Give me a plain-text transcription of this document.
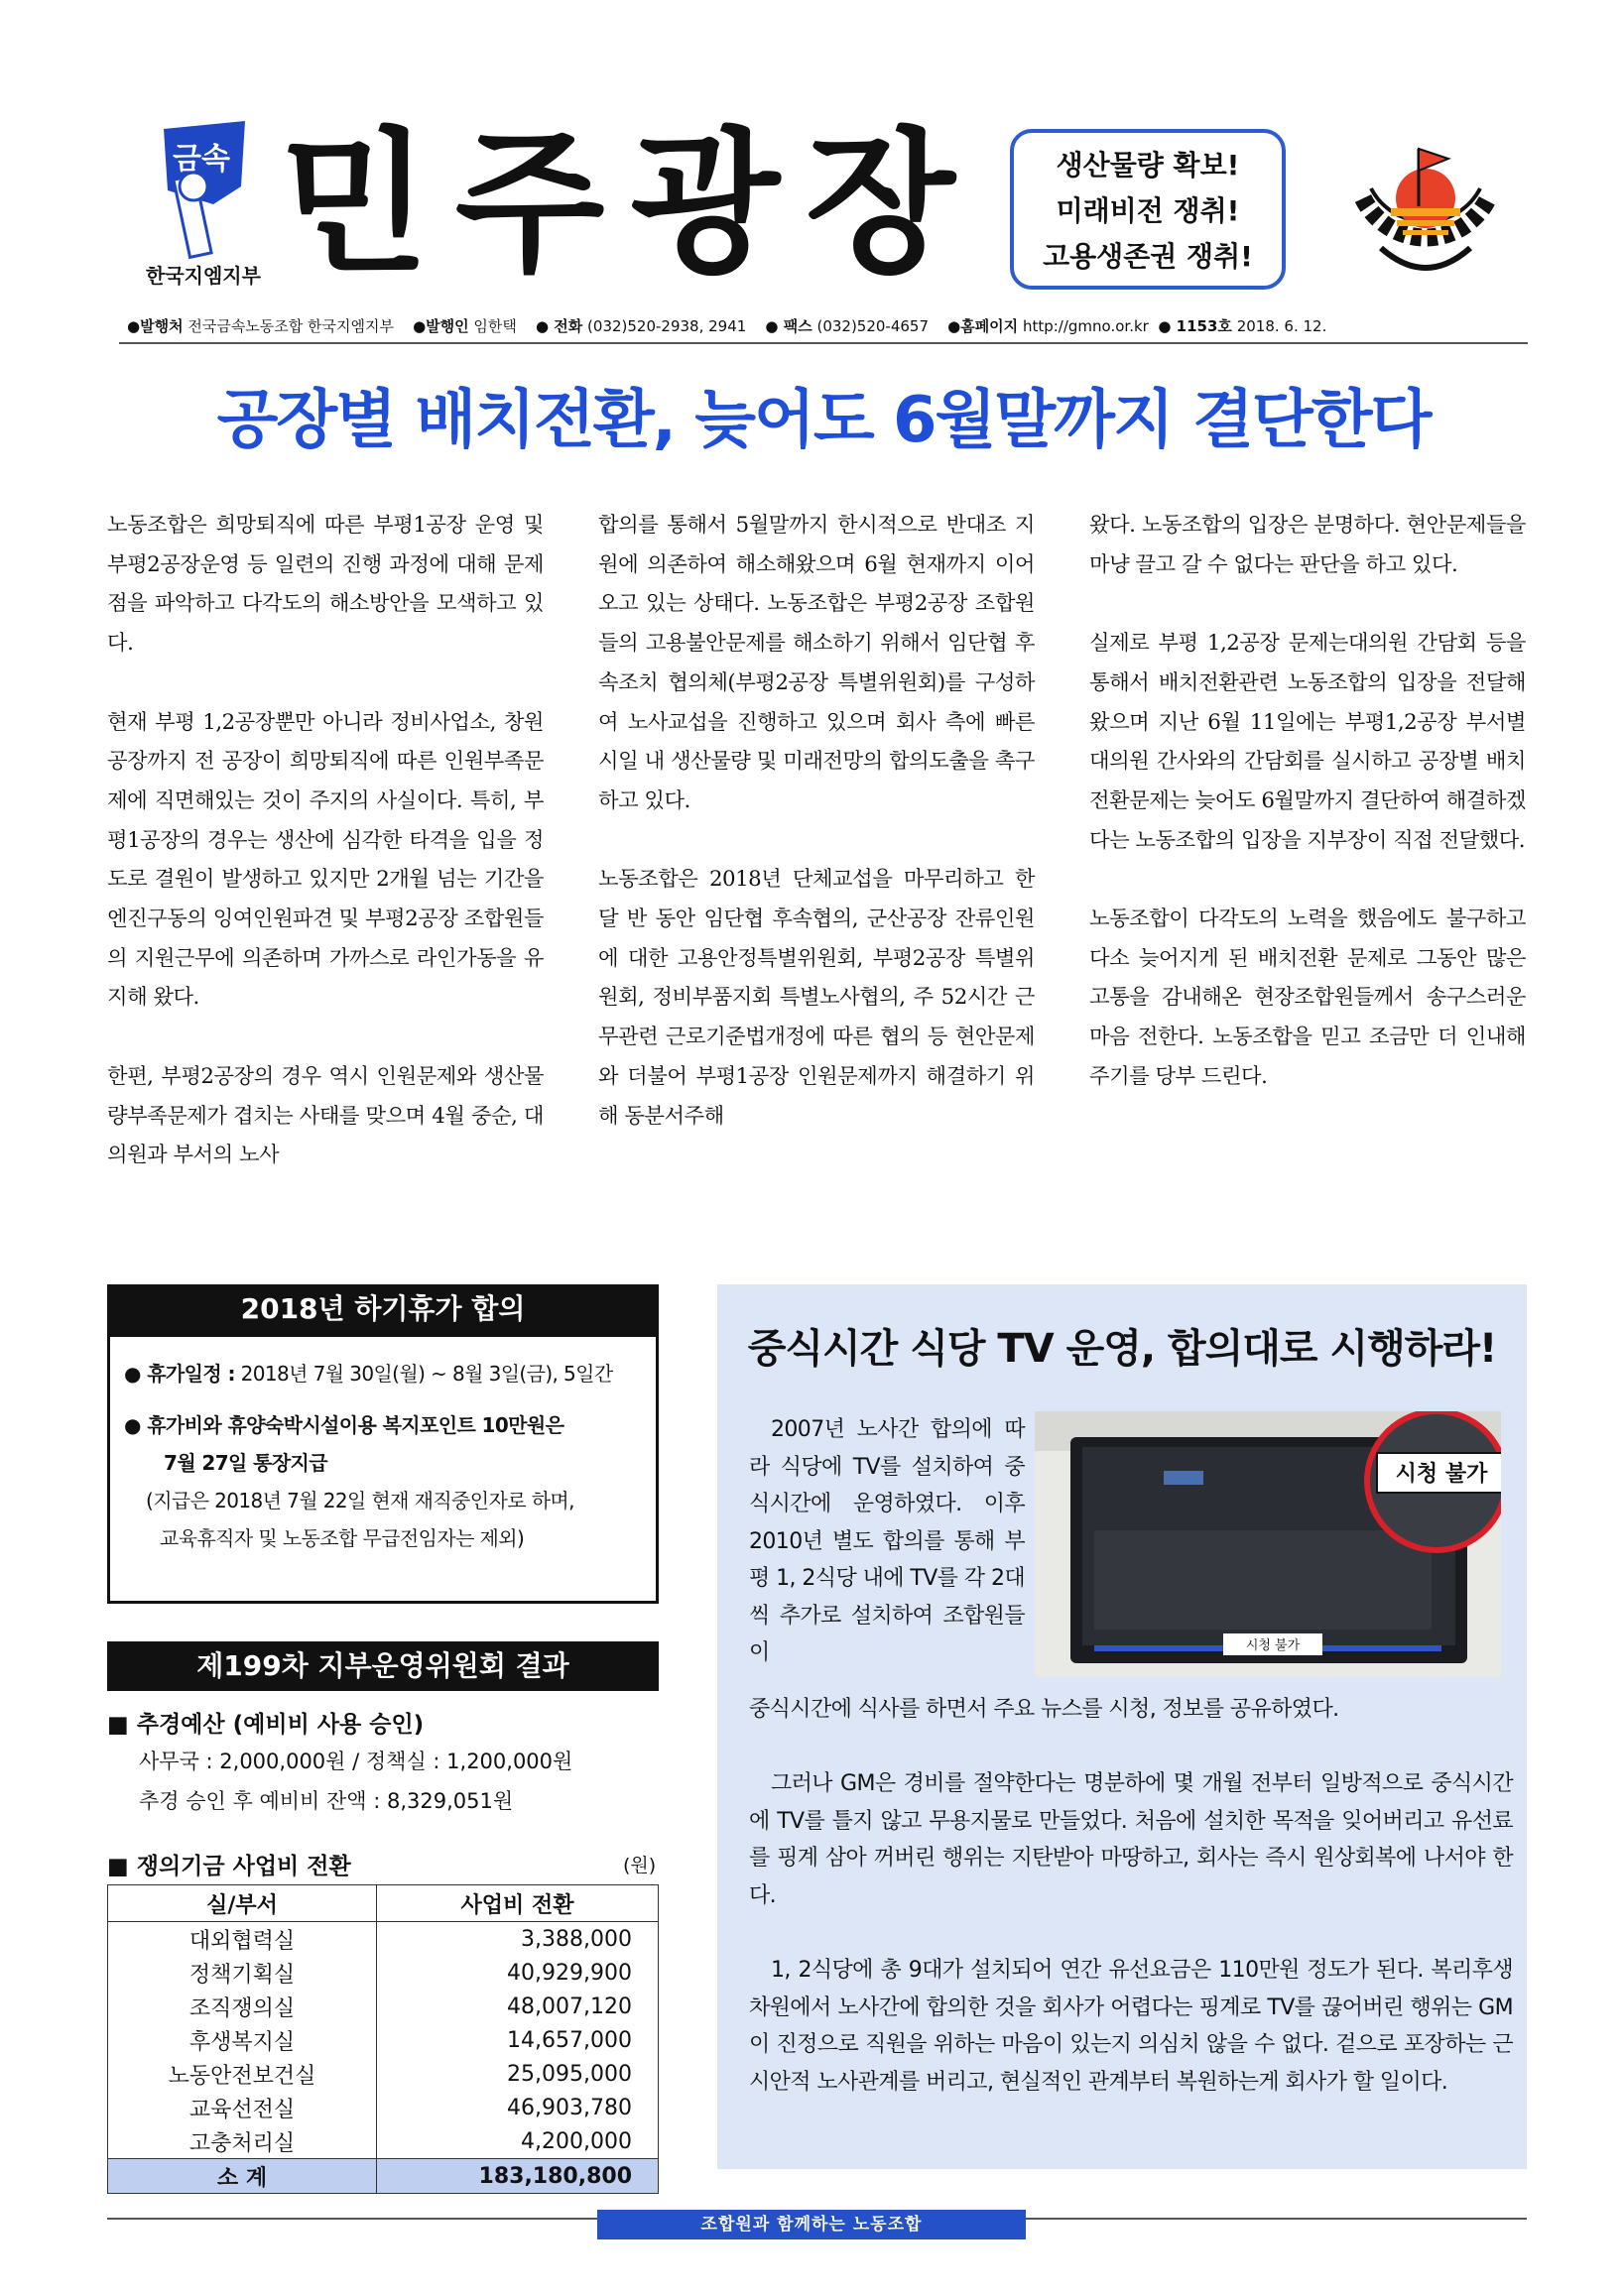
금속
한국지엠지부 민주광장	생산물량 확보!
미래비전 쟁취!
고용생존권 쟁취!
●발행처 전국금속노동조합 한국지엠지부 ●발행인 임한택 ● 전화 (032)520-2938, 2941 ● 팩스 (032)520-4657 ●홈페이지 http://gmno.or.kr ● 1153호 2018. 6. 12.
공장별 배치전환, 늦어도 6월말까지 결단한다

노동조합은 희망퇴직에 따른 부평1공장 운영 및 부평2공장운영 등 일련의 진행 과정에 대해 문제점을 파악하고 다각도의 해소방안을 모색하고 있다.

현재 부평 1,2공장뿐만 아니라 정비사업소, 창원공장까지 전 공장이 희망퇴직에 따른 인원부족문제에 직면해있는 것이 주지의 사실이다. 특히, 부평1공장의 경우는 생산에 심각한 타격을 입을 정도로 결원이 발생하고 있지만 2개월 넘는 기간을 엔진구동의 잉여인원파견 및 부평2공장 조합원들의 지원근무에 의존하며 가까스로 라인가동을 유지해 왔다.

한편, 부평2공장의 경우 역시 인원문제와 생산물량부족문제가 겹치는 사태를 맞으며 4월 중순, 대의원과 부서의 노사

합의를 통해서 5월말까지 한시적으로 반대조 지원에 의존하여 해소해왔으며 6월 현재까지 이어오고 있는 상태다. 노동조합은 부평2공장 조합원들의 고용불안문제를 해소하기 위해서 임단협 후속조치 협의체(부평2공장 특별위원회)를 구성하여 노사교섭을 진행하고 있으며 회사 측에 빠른 시일 내 생산물량 및 미래전망의 합의도출을 촉구하고 있다.

노동조합은 2018년 단체교섭을 마무리하고 한 달 반 동안 임단협 후속협의, 군산공장 잔류인원에 대한 고용안정특별위원회, 부평2공장 특별위원회, 정비부품지회 특별노사협의, 주 52시간 근무관련 근로기준법개정에 따른 협의 등 현안문제와 더불어 부평1공장 인원문제까지 해결하기 위해 동분서주해

왔다. 노동조합의 입장은 분명하다. 현안문제들을 마냥 끌고 갈 수 없다는 판단을 하고 있다.

실제로 부평 1,2공장 문제는대의원 간담회 등을 통해서 배치전환관련 노동조합의 입장을 전달해왔으며 지난 6월 11일에는 부평1,2공장 부서별 대의원 간사와의 간담회를 실시하고 공장별 배치전환문제는 늦어도 6월말까지 결단하여 해결하겠다는 노동조합의 입장을 지부장이 직접 전달했다.

노동조합이 다각도의 노력을 했음에도 불구하고 다소 늦어지게 된 배치전환 문제로 그동안 많은 고통을 감내해온 현장조합원들께서 송구스러운 마음 전한다. 노동조합을 믿고 조금만 더 인내해 주기를 당부 드린다.

2018년 하기휴가 합의
● 휴가일정 : 2018년 7월 30일(월) ~ 8월 3일(금), 5일간
● 휴가비와 휴양숙박시설이용 복지포인트 10만원은
7월 27일 통장지급
(지급은 2018년 7월 22일 현재 재직중인자로 하며,
교육휴직자 및 노동조합 무급전임자는 제외)
제199차 지부운영위원회 결과
■ 추경예산 (예비비 사용 승인)
사무국 : 2,000,000원 / 정책실 : 1,200,000원
추경 승인 후 예비비 잔액 : 8,329,051원
■ 쟁의기금 사업비 전환	(원)
실/부서	사업비 전환
대외협력실	3,388,000
정책기획실	40,929,900
조직쟁의실	48,007,120
후생복지실	14,657,000
노동안전보건실	25,095,000
교육선전실	46,903,780
고충처리실	4,200,000
소 계	183,180,800
중식시간 식당 TV 운영, 합의대로 시행하라!
시청 불가
시청 불가

2007년 노사간 합의에 따라 식당에 TV를 설치하여 중식시간에 운영하였다. 이후 2010년 별도 합의를 통해 부평 1, 2식당 내에 TV를 각 2대씩 추가로 설치하여 조합원들이

중식시간에 식사를 하면서 주요 뉴스를 시청, 정보를 공유하였다.

그러나 GM은 경비를 절약한다는 명분하에 몇 개월 전부터 일방적으로 중식시간에 TV를 틀지 않고 무용지물로 만들었다. 처음에 설치한 목적을 잊어버리고 유선료를 핑계 삼아 꺼버린 행위는 지탄받아 마땅하고, 회사는 즉시 원상회복에 나서야 한다.

1, 2식당에 총 9대가 설치되어 연간 유선요금은 110만원 정도가 된다. 복리후생차원에서 노사간에 합의한 것을 회사가 어렵다는 핑계로 TV를 끊어버린 행위는 GM이 진정으로 직원을 위하는 마음이 있는지 의심치 않을 수 없다. 겉으로 포장하는 근시안적 노사관계를 버리고, 현실적인 관계부터 복원하는게 회사가 할 일이다.

조합원과 함께하는 노동조합
